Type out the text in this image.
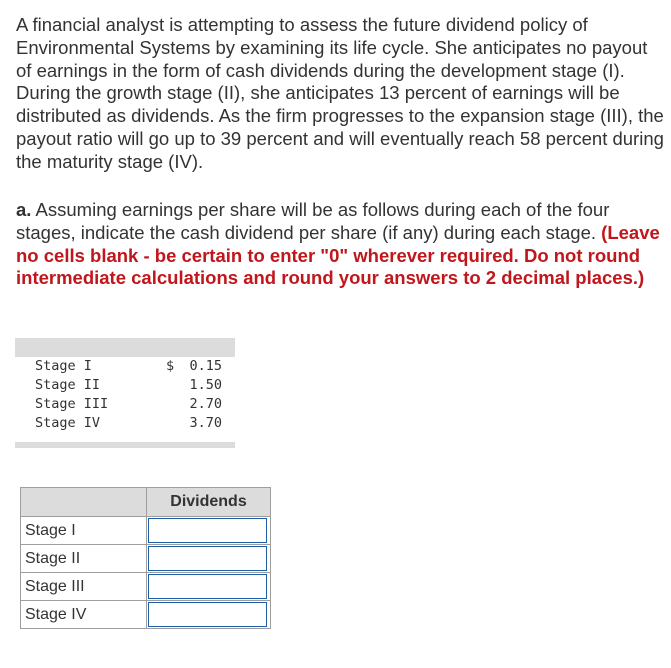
A financial analyst is attempting to assess the future dividend policy of Environmental Systems by examining its life cycle. She anticipates no payout of earnings in the form of cash dividends during the development stage (I). During the growth stage (II), she anticipates 13 percent of earnings will be distributed as dividends. As the firm progresses to the expansion stage (III), the payout ratio will go up to 39 percent and will eventually reach 58 percent during the maturity stage (IV).
a. Assuming earnings per share will be as follows during each of the four stages, indicate the cash dividend per share (if any) during each stage. (Leave no cells blank - be certain to enter "0" wherever required. Do not round intermediate calculations and round your answers to 2 decimal places.)
Stage I	$ 0.15
Stage II	1.50
Stage III	2.70
Stage IV	3.70
	Dividends
Stage I	

Stage II	

Stage III	

Stage IV	
